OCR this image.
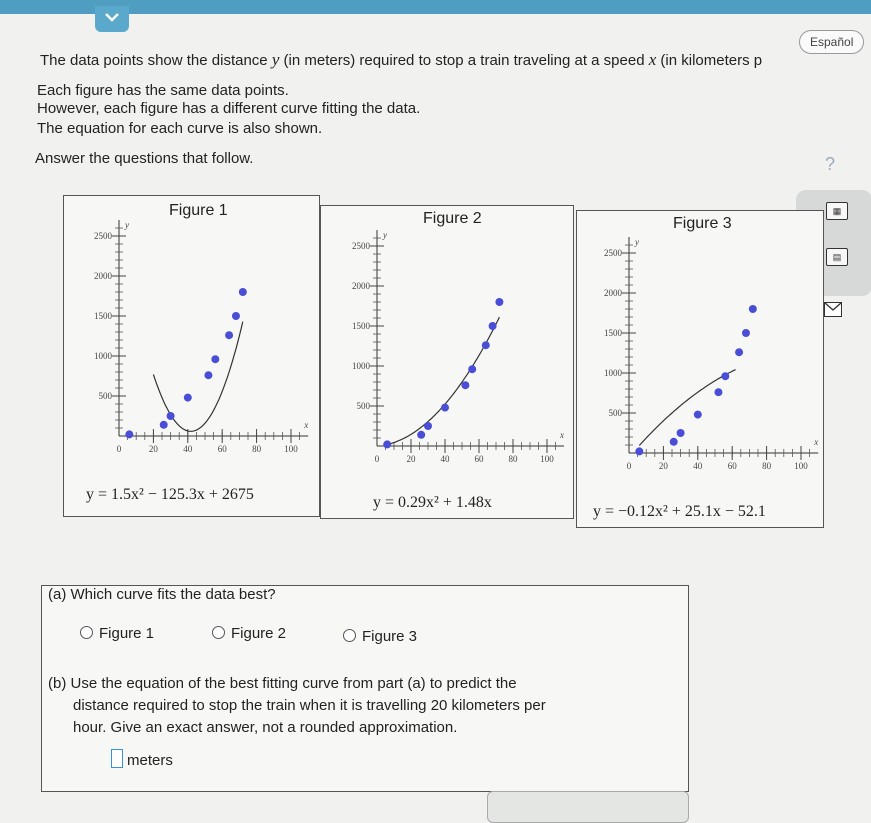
Español
The data points show the distance y (in meters) required to stop a train traveling at a speed x (in kilometers p
Each figure has the same data points.
However, each figure has a different curve fitting the data.
The equation for each curve is also shown.
Answer the questions that follow.	?
▦
▤
Figure 1
0	20	40	60	80	100
500
1000
1500
2000
2500
x
y
y = 1.5x² − 125.3x + 2675
Figure 2
0	20	40	60	80	100
500
1000
1500
2000
2500
x
y
y = 0.29x² + 1.48x
Figure 3
0	20	40	60	80	100
500
1000
1500
2000
2500
x
y
y = −0.12x² + 25.1x − 52.1
(a) Which curve fits the data best?
Figure 1	Figure 2	Figure 3
(b) Use the equation of the best fitting curve from part (a) to predict the
distance required to stop the train when it is travelling 20 kilometers per
hour. Give an exact answer, not a rounded approximation.
meters
